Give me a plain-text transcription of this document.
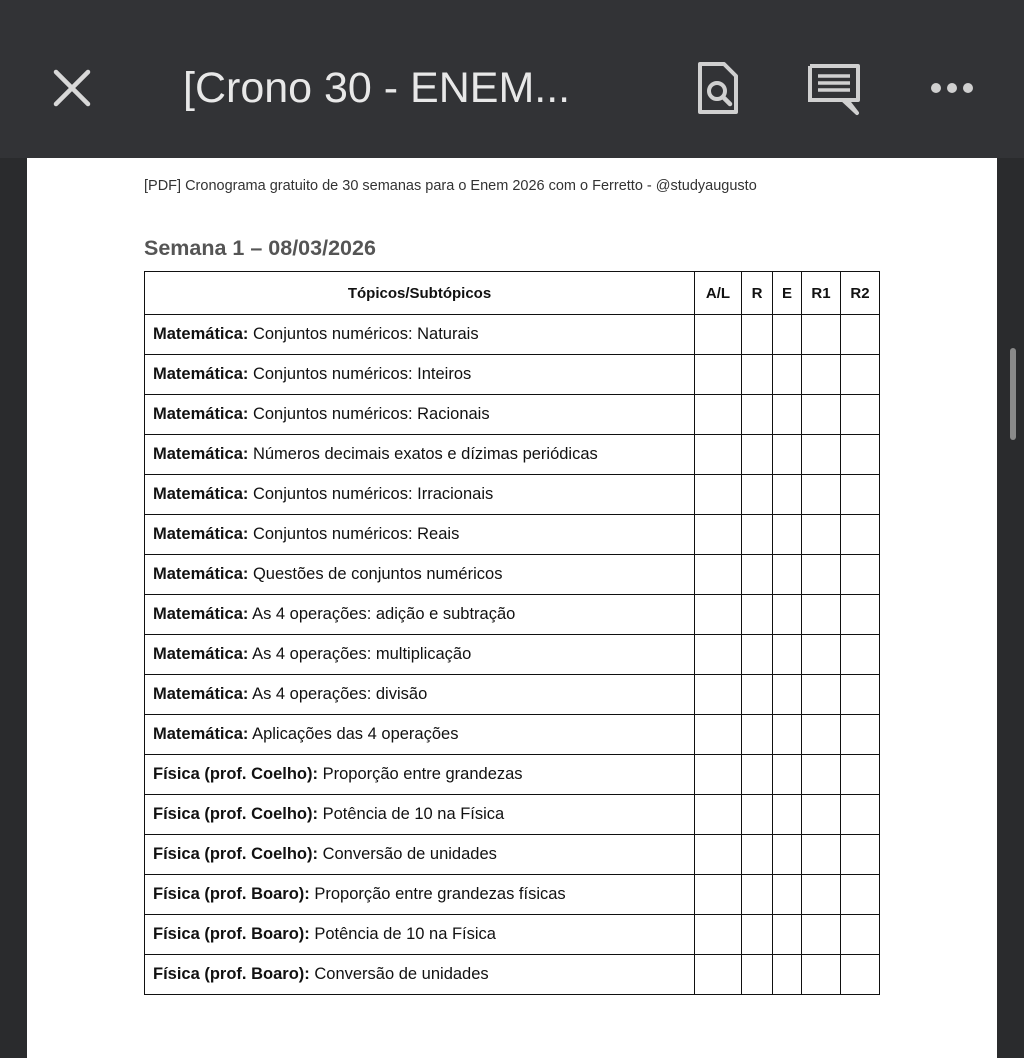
[Crono 30 - ENEM...
[PDF] Cronograma gratuito de 30 semanas para o Enem 2026 com o Ferretto - @studyaugusto
Semana 1 – 08/03/2026
Tópicos/Subtópicos	A/L	R	E	R1	R2
Matemática: Conjuntos numéricos: Naturais					
Matemática: Conjuntos numéricos: Inteiros					
Matemática: Conjuntos numéricos: Racionais					
Matemática: Números decimais exatos e dízimas periódicas					
Matemática: Conjuntos numéricos: Irracionais					
Matemática: Conjuntos numéricos: Reais					
Matemática: Questões de conjuntos numéricos					
Matemática: As 4 operações: adição e subtração					
Matemática: As 4 operações: multiplicação					
Matemática: As 4 operações: divisão					
Matemática: Aplicações das 4 operações					
Física (prof. Coelho): Proporção entre grandezas					
Física (prof. Coelho): Potência de 10 na Física					
Física (prof. Coelho): Conversão de unidades					
Física (prof. Boaro): Proporção entre grandezas físicas					
Física (prof. Boaro): Potência de 10 na Física					
Física (prof. Boaro): Conversão de unidades					
